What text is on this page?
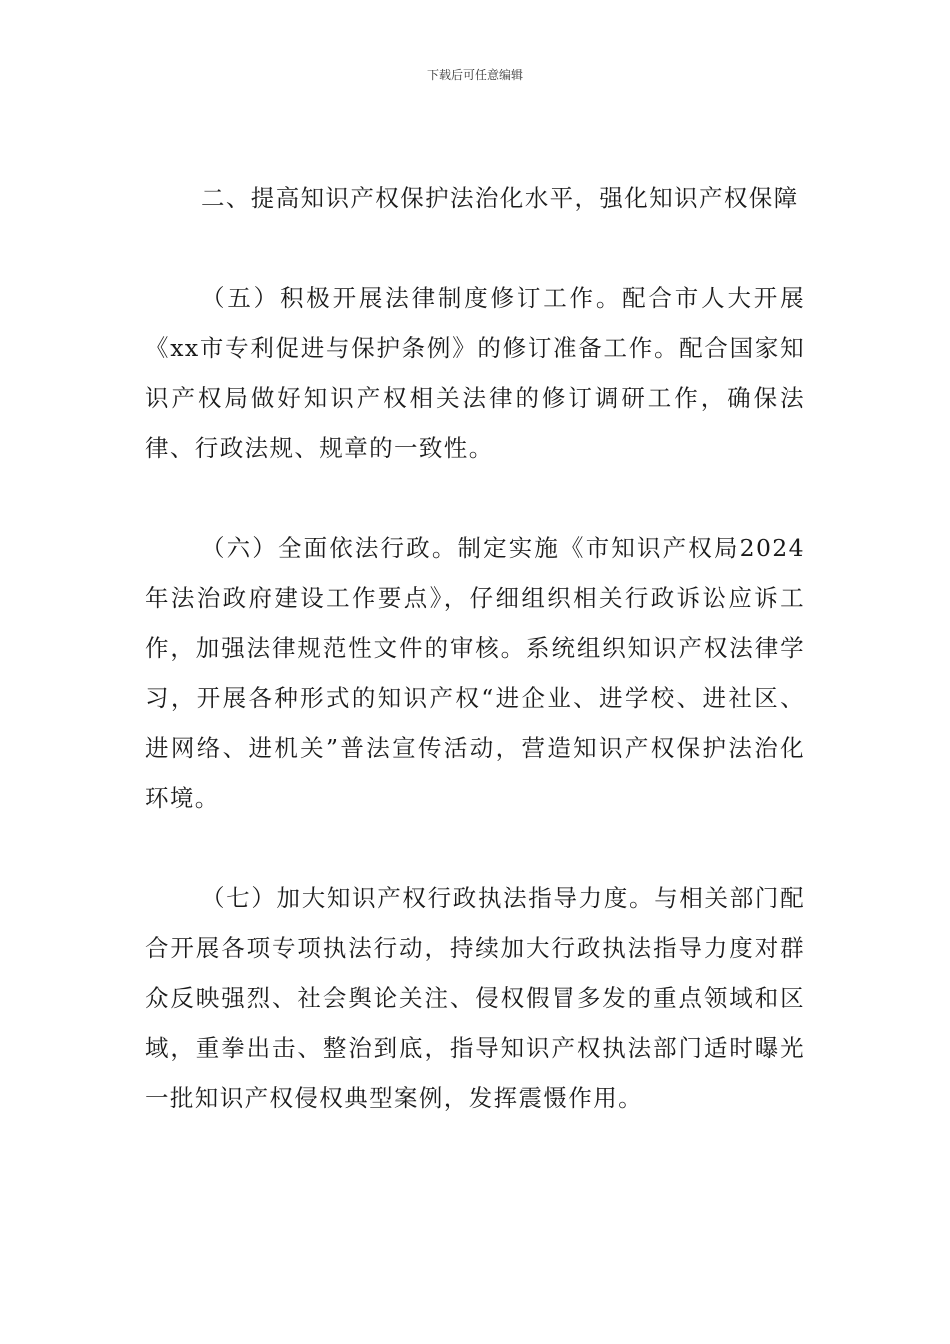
下载后可任意编辑

二、提高知识产权保护法治化水平，强化知识产权保障

（五）积极开展法律制度修订工作。配合市人大开展《xx市专利促进与保护条例》的修订准备工作。配合国家知识产权局做好知识产权相关法律的修订调研工作，确保法律、行政法规、规章的一致性。

（六）全面依法行政。制定实施《市知识产权局2024年法治政府建设工作要点》，仔细组织相关行政诉讼应诉工作，加强法律规范性文件的审核。系统组织知识产权法律学习，开展各种形式的知识产权“进企业、进学校、进社区、进网络、进机关”普法宣传活动，营造知识产权保护法治化环境。

（七）加大知识产权行政执法指导力度。与相关部门配合开展各项专项执法行动，持续加大行政执法指导力度对群众反映强烈、社会舆论关注、侵权假冒多发的重点领域和区域，重拳出击、整治到底，指导知识产权执法部门适时曝光一批知识产权侵权典型案例，发挥震慑作用。
